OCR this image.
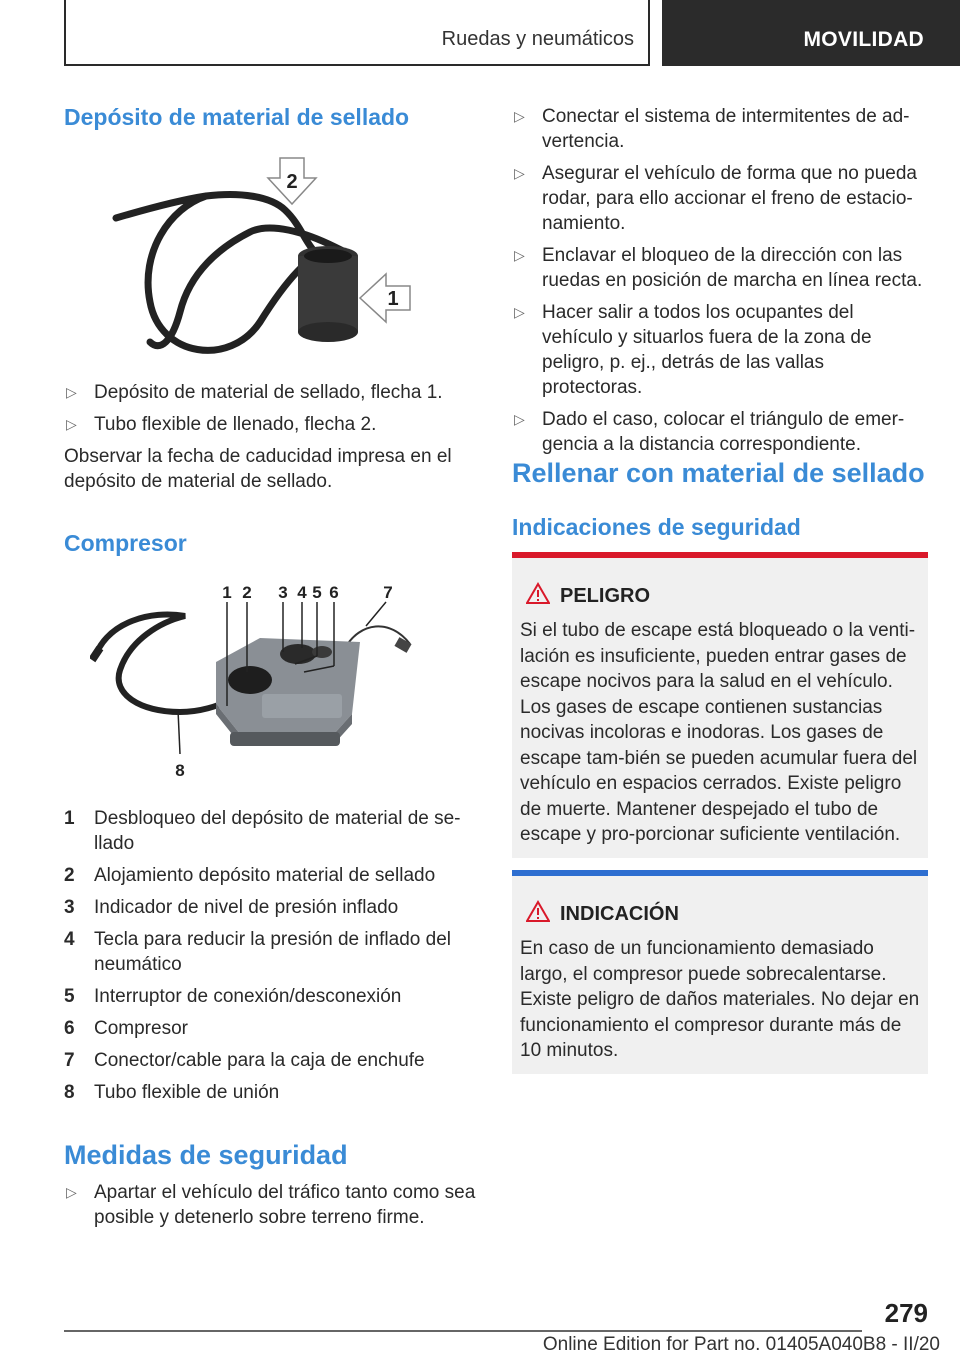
Ruedas y neumáticos	MOVILIDAD
Depósito de material de sellado
2
1
▷ Depósito de material de sellado, flecha 1.
▷ Tubo flexible de llenado, flecha 2.

Observar la fecha de caducidad impresa en el depósito de material de sellado.

Compresor
1 2 3 4 5 6	7
8
1 Desbloqueo del depósito de material de se‐llado
2 Alojamiento depósito material de sellado
3 Indicador de nivel de presión inflado
4 Tecla para reducir la presión de inflado del neumático
5 Interruptor de conexión/desconexión
6 Compresor
7 Conector/cable para la caja de enchufe
8 Tubo flexible de unión
Medidas de seguridad
▷ Apartar el vehículo del tráfico tanto como sea posible y detenerlo sobre terreno firme.
▷ Conectar el sistema de intermitentes de ad‐vertencia.
▷ Asegurar el vehículo de forma que no pueda rodar, para ello accionar el freno de estacio‐namiento.
▷ Enclavar el bloqueo de la dirección con las ruedas en posición de marcha en línea recta.
▷ Hacer salir a todos los ocupantes del vehículo y situarlos fuera de la zona de peligro, p. ej., detrás de las vallas protectoras.
▷ Dado el caso, colocar el triángulo de emer‐gencia a la distancia correspondiente.
Rellenar con material de sellado
Indicaciones de seguridad
PELIGRO

Si el tubo de escape está bloqueado o la venti‐lación es insuficiente, pueden entrar gases de escape nocivos para la salud en el vehículo. Los gases de escape contienen sustancias nocivas incoloras e inodoras. Los gases de escape tam‐bién se pueden acumular fuera del vehículo en espacios cerrados. Existe peligro de muerte. Mantener despejado el tubo de escape y pro‐porcionar suficiente ventilación.

INDICACIÓN

En caso de un funcionamiento demasiado largo, el compresor puede sobrecalentarse. Existe peligro de daños materiales. No dejar en funcionamiento el compresor durante más de 10 minutos.

279
Online Edition for Part no. 01405A040B8 - II/20
